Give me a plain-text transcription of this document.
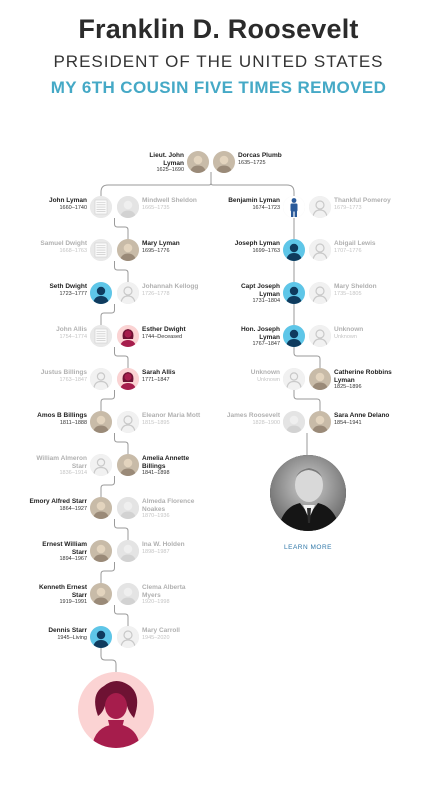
Franklin D. Roosevelt
PRESIDENT OF THE UNITED STATES
MY 6TH COUSIN FIVE TIMES REMOVED
LEARN MORE
Lieut. John Lyman
1625–1690
Dorcas Plumb
1635–1725
John Lyman
1660–1740
Mindwell Sheldon
1665–1735
Samuel Dwight
1668–1763
Mary Lyman
1695–1776
Seth Dwight
1723–1777
Johannah Kellogg
1726–1778
John Allis
1754–1774
Esther Dwight
1744–Deceased
Justus Billings
1763–1847
Sarah Allis
1771–1847
Amos B Billings
1811–1888
Eleanor Maria Mott
1815–1895
William Almeron Starr
1836–1914
Amelia Annette Billings
1841–1898
Emory Alfred Starr
1864–1927
Almeda Florence Noakes
1870–1936
Ernest William Starr
1894–1967
Ina W. Holden
1898–1987
Kenneth Ernest Starr
1919–1991
Clema Alberta Myers
1920–1998
Dennis Starr
1945–Living
Mary Carroll
1945–2020
Benjamin Lyman
1674–1723
Thankful Pomeroy
1679–1773
Joseph Lyman
1699–1763
Abigail Lewis
1707–1776
Capt Joseph Lyman
1731–1804
Mary Sheldon
1735–1805
Hon. Joseph Lyman
1767–1847
Unknown
Unknown
Unknown
Unknown
Catherine Robbins Lyman
1825–1896
James Roosevelt
1828–1900
Sara Anne Delano
1854–1941
